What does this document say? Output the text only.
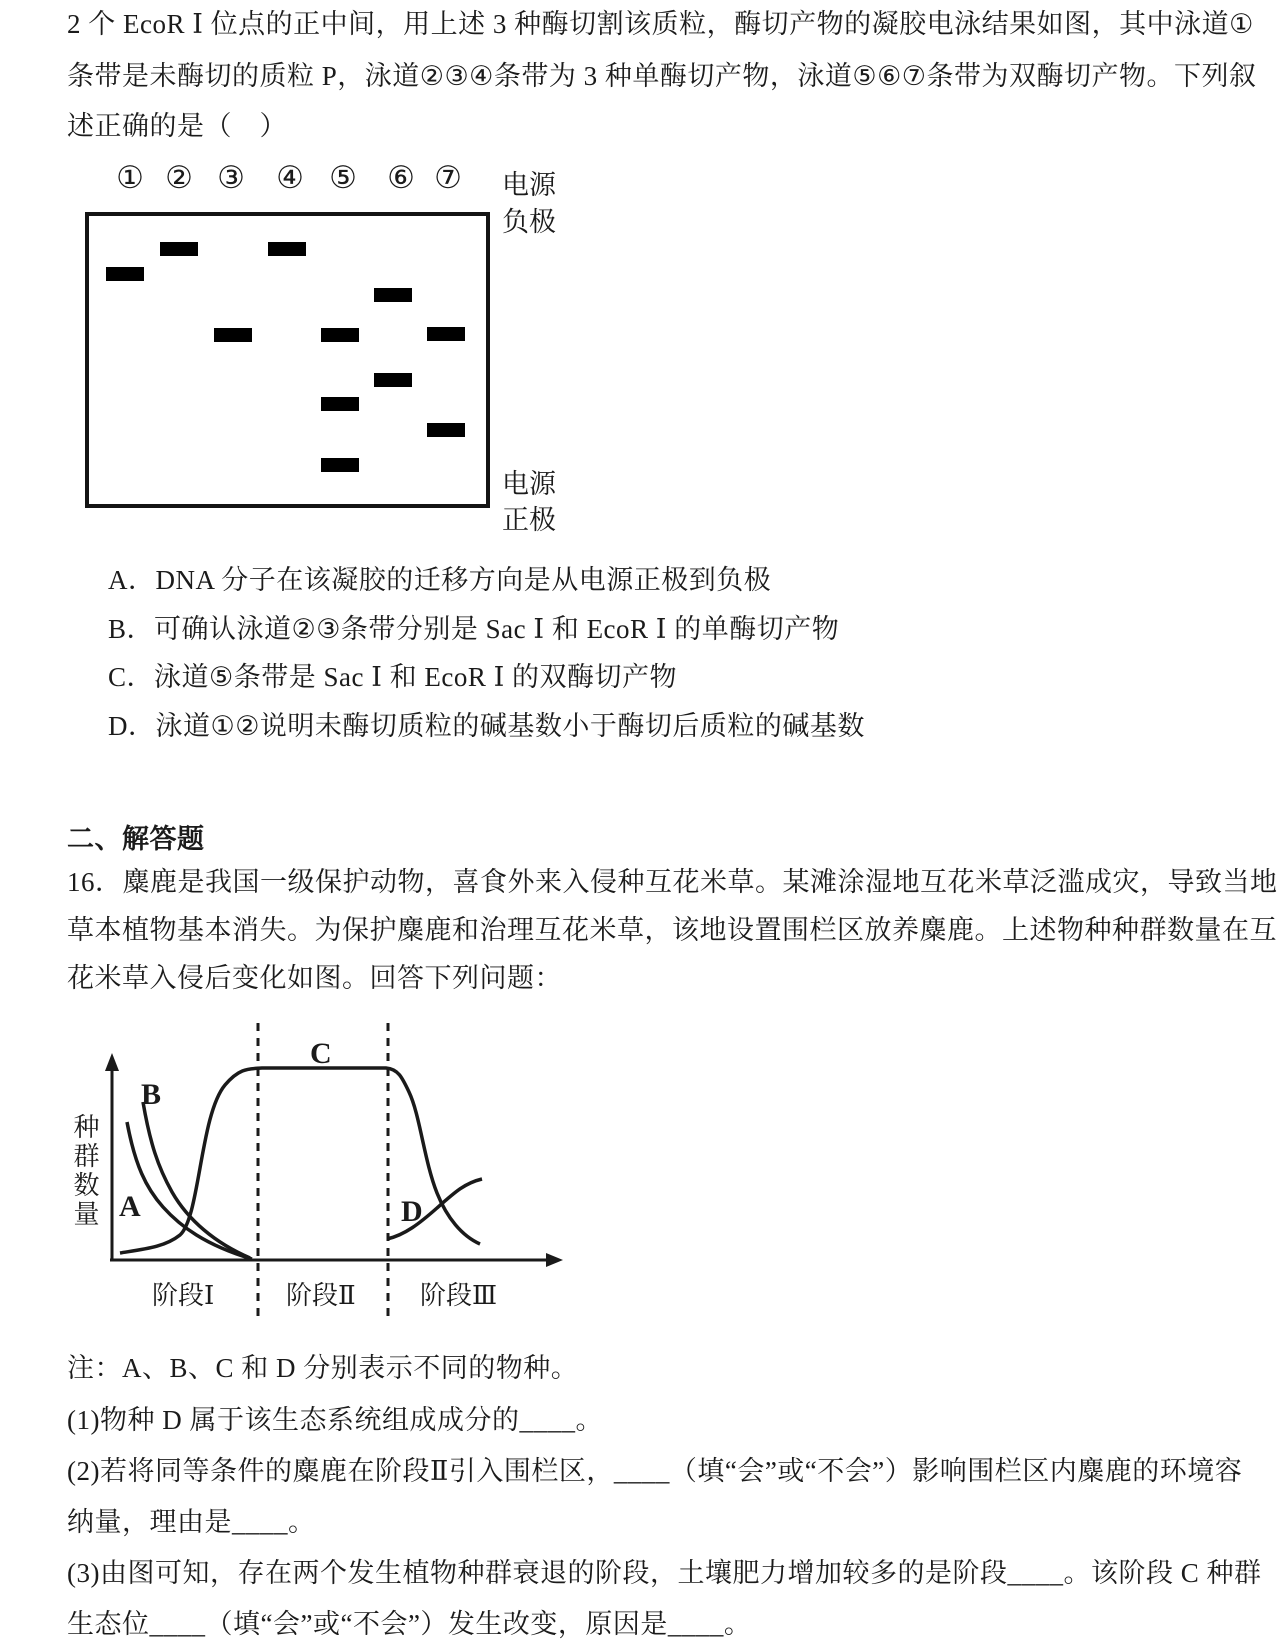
2 个 EcoR Ⅰ 位点的正中间，用上述 3 种酶切割该质粒，酶切产物的凝胶电泳结果如图，其中泳道①
条带是未酶切的质粒 P，泳道②③④条带为 3 种单酶切产物，泳道⑤⑥⑦条带为双酶切产物。下列叙
述正确的是（　）
① ② ③ ④ ⑤ ⑥ ⑦ 电源
负极
电源
正极
A．DNA 分子在该凝胶的迁移方向是从电源正极到负极
B．可确认泳道②③条带分别是 Sac Ⅰ 和 EcoR Ⅰ 的单酶切产物
C．泳道⑤条带是 Sac Ⅰ 和 EcoR Ⅰ 的双酶切产物
D．泳道①②说明未酶切质粒的碱基数小于酶切后质粒的碱基数
二、解答题
16．麋鹿是我国一级保护动物，喜食外来入侵种互花米草。某滩涂湿地互花米草泛滥成灾，导致当地
草本植物基本消失。为保护麋鹿和治理互花米草，该地设置围栏区放养麋鹿。上述物种种群数量在互
花米草入侵后变化如图。回答下列问题：
种群数量 A
B
C
D
阶段Ⅰ	阶段Ⅱ 阶段Ⅲ
注：A、B、C 和 D 分别表示不同的物种。
(1)物种 D 属于该生态系统组成成分的____。
(2)若将同等条件的麋鹿在阶段Ⅱ引入围栏区，____（填“会”或“不会”）影响围栏区内麋鹿的环境容
纳量，理由是____。
(3)由图可知，存在两个发生植物种群衰退的阶段，土壤肥力增加较多的是阶段____。该阶段 C 种群
生态位____（填“会”或“不会”）发生改变，原因是____。
